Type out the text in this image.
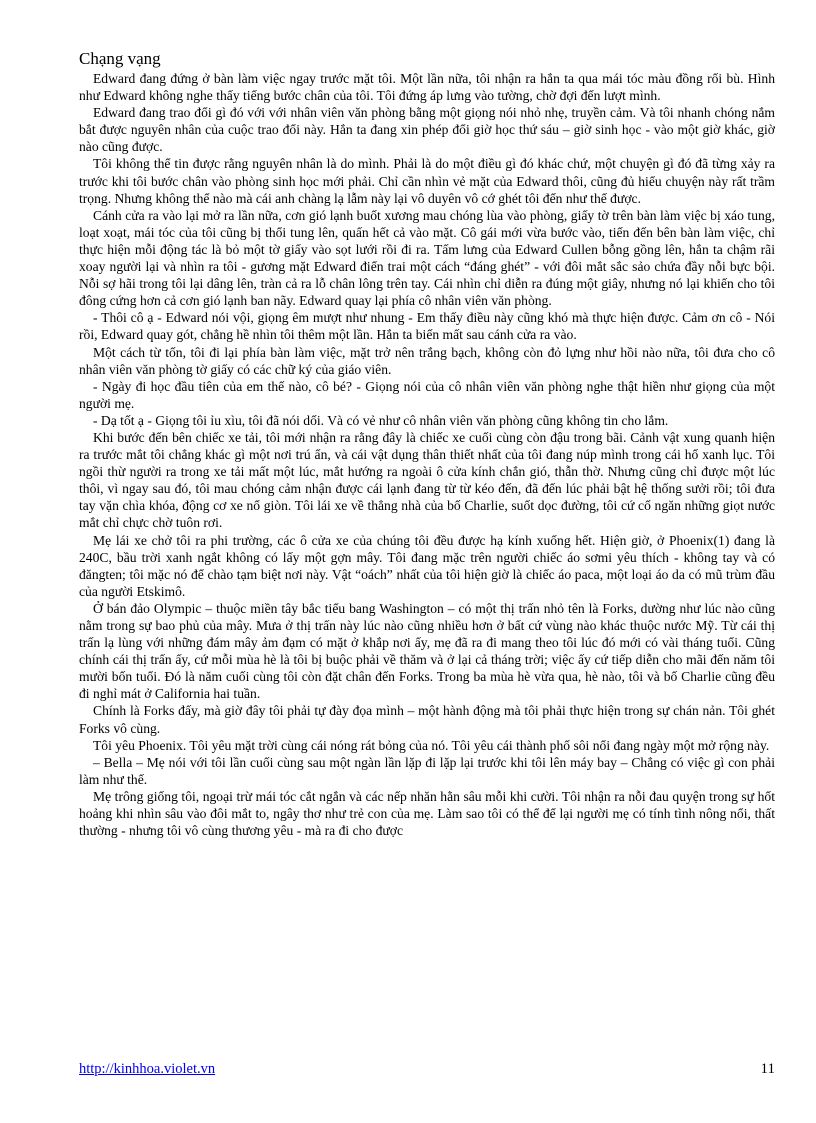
Chạng vạng

Edward đang đứng ở bàn làm việc ngay trước mặt tôi. Một lần nữa, tôi nhận ra hắn ta qua mái tóc màu đồng rối bù. Hình như Edward không nghe thấy tiếng bước chân của tôi. Tôi đứng áp lưng vào tường, chờ đợi đến lượt mình.

Edward đang trao đổi gì đó với với nhân viên văn phòng bằng một giọng nói nhỏ nhẹ, truyền cảm. Và tôi nhanh chóng nắm bắt được nguyên nhân của cuộc trao đổi này. Hắn ta đang xin phép đổi giờ học thứ sáu – giờ sinh học - vào một giờ khác, giờ nào cũng được.

Tôi không thể tin được rằng nguyên nhân là do mình. Phải là do một điều gì đó khác chứ, một chuyện gì đó đã từng xảy ra trước khi tôi bước chân vào phòng sinh học mới phải. Chỉ cần nhìn vẻ mặt của Edward thôi, cũng đủ hiểu chuyện này rất trầm trọng. Nhưng không thể nào mà cái anh chàng lạ lẫm này lại vô duyên vô cớ ghét tôi đến như thế được.

Cánh cửa ra vào lại mở ra lần nữa, cơn gió lạnh buốt xương mau chóng lùa vào phòng, giấy tờ trên bàn làm việc bị xáo tung, loạt xoạt, mái tóc của tôi cũng bị thổi tung lên, quấn hết cả vào mặt. Cô gái mới vừa bước vào, tiến đến bên bàn làm việc, chỉ thực hiện mỗi động tác là bỏ một tờ giấy vào sọt lưới rồi đi ra. Tấm lưng của Edward Cullen bỗng gồng lên, hắn ta chậm rãi xoay người lại và nhìn ra tôi - gương mặt Edward điển trai một cách “đáng ghét” - với đôi mắt sắc sảo chứa đầy nỗi bực bội. Nỗi sợ hãi trong tôi lại dâng lên, tràn cả ra lỗ chân lông trên tay. Cái nhìn chỉ diễn ra đúng một giây, nhưng nó lại khiến cho tôi đông cứng hơn cả cơn gió lạnh ban nãy. Edward quay lại phía cô nhân viên văn phòng.

- Thôi cô ạ - Edward nói vội, giọng êm mượt như nhung - Em thấy điều này cũng khó mà thực hiện được. Cảm ơn cô - Nói rồi, Edward quay gót, chẳng hề nhìn tôi thêm một lần. Hắn ta biến mất sau cánh cửa ra vào.

Một cách từ tốn, tôi đi lại phía bàn làm việc, mặt trở nên trắng bạch, không còn đỏ lựng như hồi nào nữa, tôi đưa cho cô nhân viên văn phòng tờ giấy có các chữ ký của giáo viên.

- Ngày đi học đầu tiên của em thế nào, cô bé? - Giọng nói của cô nhân viên văn phòng nghe thật hiền như giọng của một người mẹ.

- Dạ tốt ạ - Giọng tôi ỉu xìu, tôi đã nói dối. Và có vẻ như cô nhân viên văn phòng cũng không tin cho lắm.

Khi bước đến bên chiếc xe tải, tôi mới nhận ra rằng đây là chiếc xe cuối cùng còn đậu trong bãi. Cảnh vật xung quanh hiện ra trước mắt tôi chẳng khác gì một nơi trú ẩn, và cái vật dụng thân thiết nhất của tôi đang núp mình trong cái hố xanh lục. Tôi ngồi thừ người ra trong xe tải mất một lúc, mắt hướng ra ngoài ô cửa kính chắn gió, thẫn thờ. Nhưng cũng chỉ được một lúc thôi, vì ngay sau đó, tôi mau chóng cảm nhận được cái lạnh đang từ từ kéo đến, đã đến lúc phải bật hệ thống sưởi rồi; tôi đưa tay vặn chìa khóa, động cơ xe nổ giòn. Tôi lái xe về thẳng nhà của bố Charlie, suốt dọc đường, tôi cứ cố ngăn những giọt nước mắt chỉ chực chờ tuôn rơi.

Mẹ lái xe chở tôi ra phi trường, các ô cửa xe của chúng tôi đều được hạ kính xuống hết. Hiện giờ, ở Phoenix(1) đang là 240C, bầu trời xanh ngắt không có lấy một gợn mây. Tôi đang mặc trên người chiếc áo sơmi yêu thích - không tay và có đăngten; tôi mặc nó để chào tạm biệt nơi này. Vật “oách” nhất của tôi hiện giờ là chiếc áo paca, một loại áo da có mũ trùm đầu của người Etskimô.

Ở bán đảo Olympic – thuộc miền tây bắc tiểu bang Washington – có một thị trấn nhỏ tên là Forks, dường như lúc nào cũng nằm trong sự bao phủ của mây. Mưa ở thị trấn này lúc nào cũng nhiều hơn ở bất cứ vùng nào khác thuộc nước Mỹ. Từ cái thị trấn lạ lùng với những đám mây ảm đạm có mặt ở khắp nơi ấy, mẹ đã ra đi mang theo tôi lúc đó mới có vài tháng tuổi. Cũng chính cái thị trấn ấy, cứ mỗi mùa hè là tôi bị buộc phải về thăm và ở lại cả tháng trời; việc ấy cứ tiếp diễn cho mãi đến năm tôi mười bốn tuổi. Đó là năm cuối cùng tôi còn đặt chân đến Forks. Trong ba mùa hè vừa qua, hè nào, tôi và bố Charlie cũng đều đi nghỉ mát ở California hai tuần.

Chính là Forks đấy, mà giờ đây tôi phải tự đày đọa mình – một hành động mà tôi phải thực hiện trong sự chán nản. Tôi ghét Forks vô cùng.

Tôi yêu Phoenix. Tôi yêu mặt trời cùng cái nóng rát bỏng của nó. Tôi yêu cái thành phố sôi nổi đang ngày một mở rộng này.

– Bella – Mẹ nói với tôi lần cuối cùng sau một ngàn lần lặp đi lặp lại trước khi tôi lên máy bay – Chẳng có việc gì con phải làm như thế.

Mẹ trông giống tôi, ngoại trừ mái tóc cắt ngắn và các nếp nhăn hằn sâu mỗi khi cười. Tôi nhận ra nỗi đau quyện trong sự hốt hoảng khi nhìn sâu vào đôi mắt to, ngây thơ như trẻ con của mẹ. Làm sao tôi có thể để lại người mẹ có tính tình nông nổi, thất thường - nhưng tôi vô cùng thương yêu - mà ra đi cho được

http://kinhhoa.violet.vn	11
